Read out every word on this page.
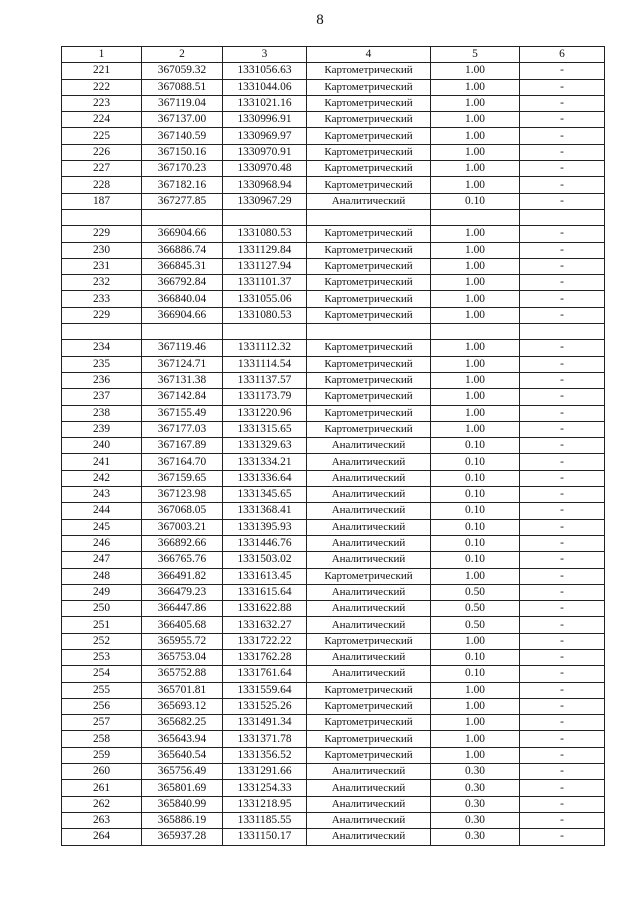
8
1	2	3	4	5	6
221	367059.32	1331056.63	Картометрический	1.00	-
222	367088.51	1331044.06	Картометрический	1.00	-
223	367119.04	1331021.16	Картометрический	1.00	-
224	367137.00	1330996.91	Картометрический	1.00	-
225	367140.59	1330969.97	Картометрический	1.00	-
226	367150.16	1330970.91	Картометрический	1.00	-
227	367170.23	1330970.48	Картометрический	1.00	-
228	367182.16	1330968.94	Картометрический	1.00	-
187	367277.85	1330967.29	Аналитический	0.10	-

229	366904.66	1331080.53	Картометрический	1.00	-
230	366886.74	1331129.84	Картометрический	1.00	-
231	366845.31	1331127.94	Картометрический	1.00	-
232	366792.84	1331101.37	Картометрический	1.00	-
233	366840.04	1331055.06	Картометрический	1.00	-
229	366904.66	1331080.53	Картометрический	1.00	-

234	367119.46	1331112.32	Картометрический	1.00	-
235	367124.71	1331114.54	Картометрический	1.00	-
236	367131.38	1331137.57	Картометрический	1.00	-
237	367142.84	1331173.79	Картометрический	1.00	-
238	367155.49	1331220.96	Картометрический	1.00	-
239	367177.03	1331315.65	Картометрический	1.00	-
240	367167.89	1331329.63	Аналитический	0.10	-
241	367164.70	1331334.21	Аналитический	0.10	-
242	367159.65	1331336.64	Аналитический	0.10	-
243	367123.98	1331345.65	Аналитический	0.10	-
244	367068.05	1331368.41	Аналитический	0.10	-
245	367003.21	1331395.93	Аналитический	0.10	-
246	366892.66	1331446.76	Аналитический	0.10	-
247	366765.76	1331503.02	Аналитический	0.10	-
248	366491.82	1331613.45	Картометрический	1.00	-
249	366479.23	1331615.64	Аналитический	0.50	-
250	366447.86	1331622.88	Аналитический	0.50	-
251	366405.68	1331632.27	Аналитический	0.50	-
252	365955.72	1331722.22	Картометрический	1.00	-
253	365753.04	1331762.28	Аналитический	0.10	-
254	365752.88	1331761.64	Аналитический	0.10	-
255	365701.81	1331559.64	Картометрический	1.00	-
256	365693.12	1331525.26	Картометрический	1.00	-
257	365682.25	1331491.34	Картометрический	1.00	-
258	365643.94	1331371.78	Картометрический	1.00	-
259	365640.54	1331356.52	Картометрический	1.00	-
260	365756.49	1331291.66	Аналитический	0.30	-
261	365801.69	1331254.33	Аналитический	0.30	-
262	365840.99	1331218.95	Аналитический	0.30	-
263	365886.19	1331185.55	Аналитический	0.30	-
264	365937.28	1331150.17	Аналитический	0.30	-
